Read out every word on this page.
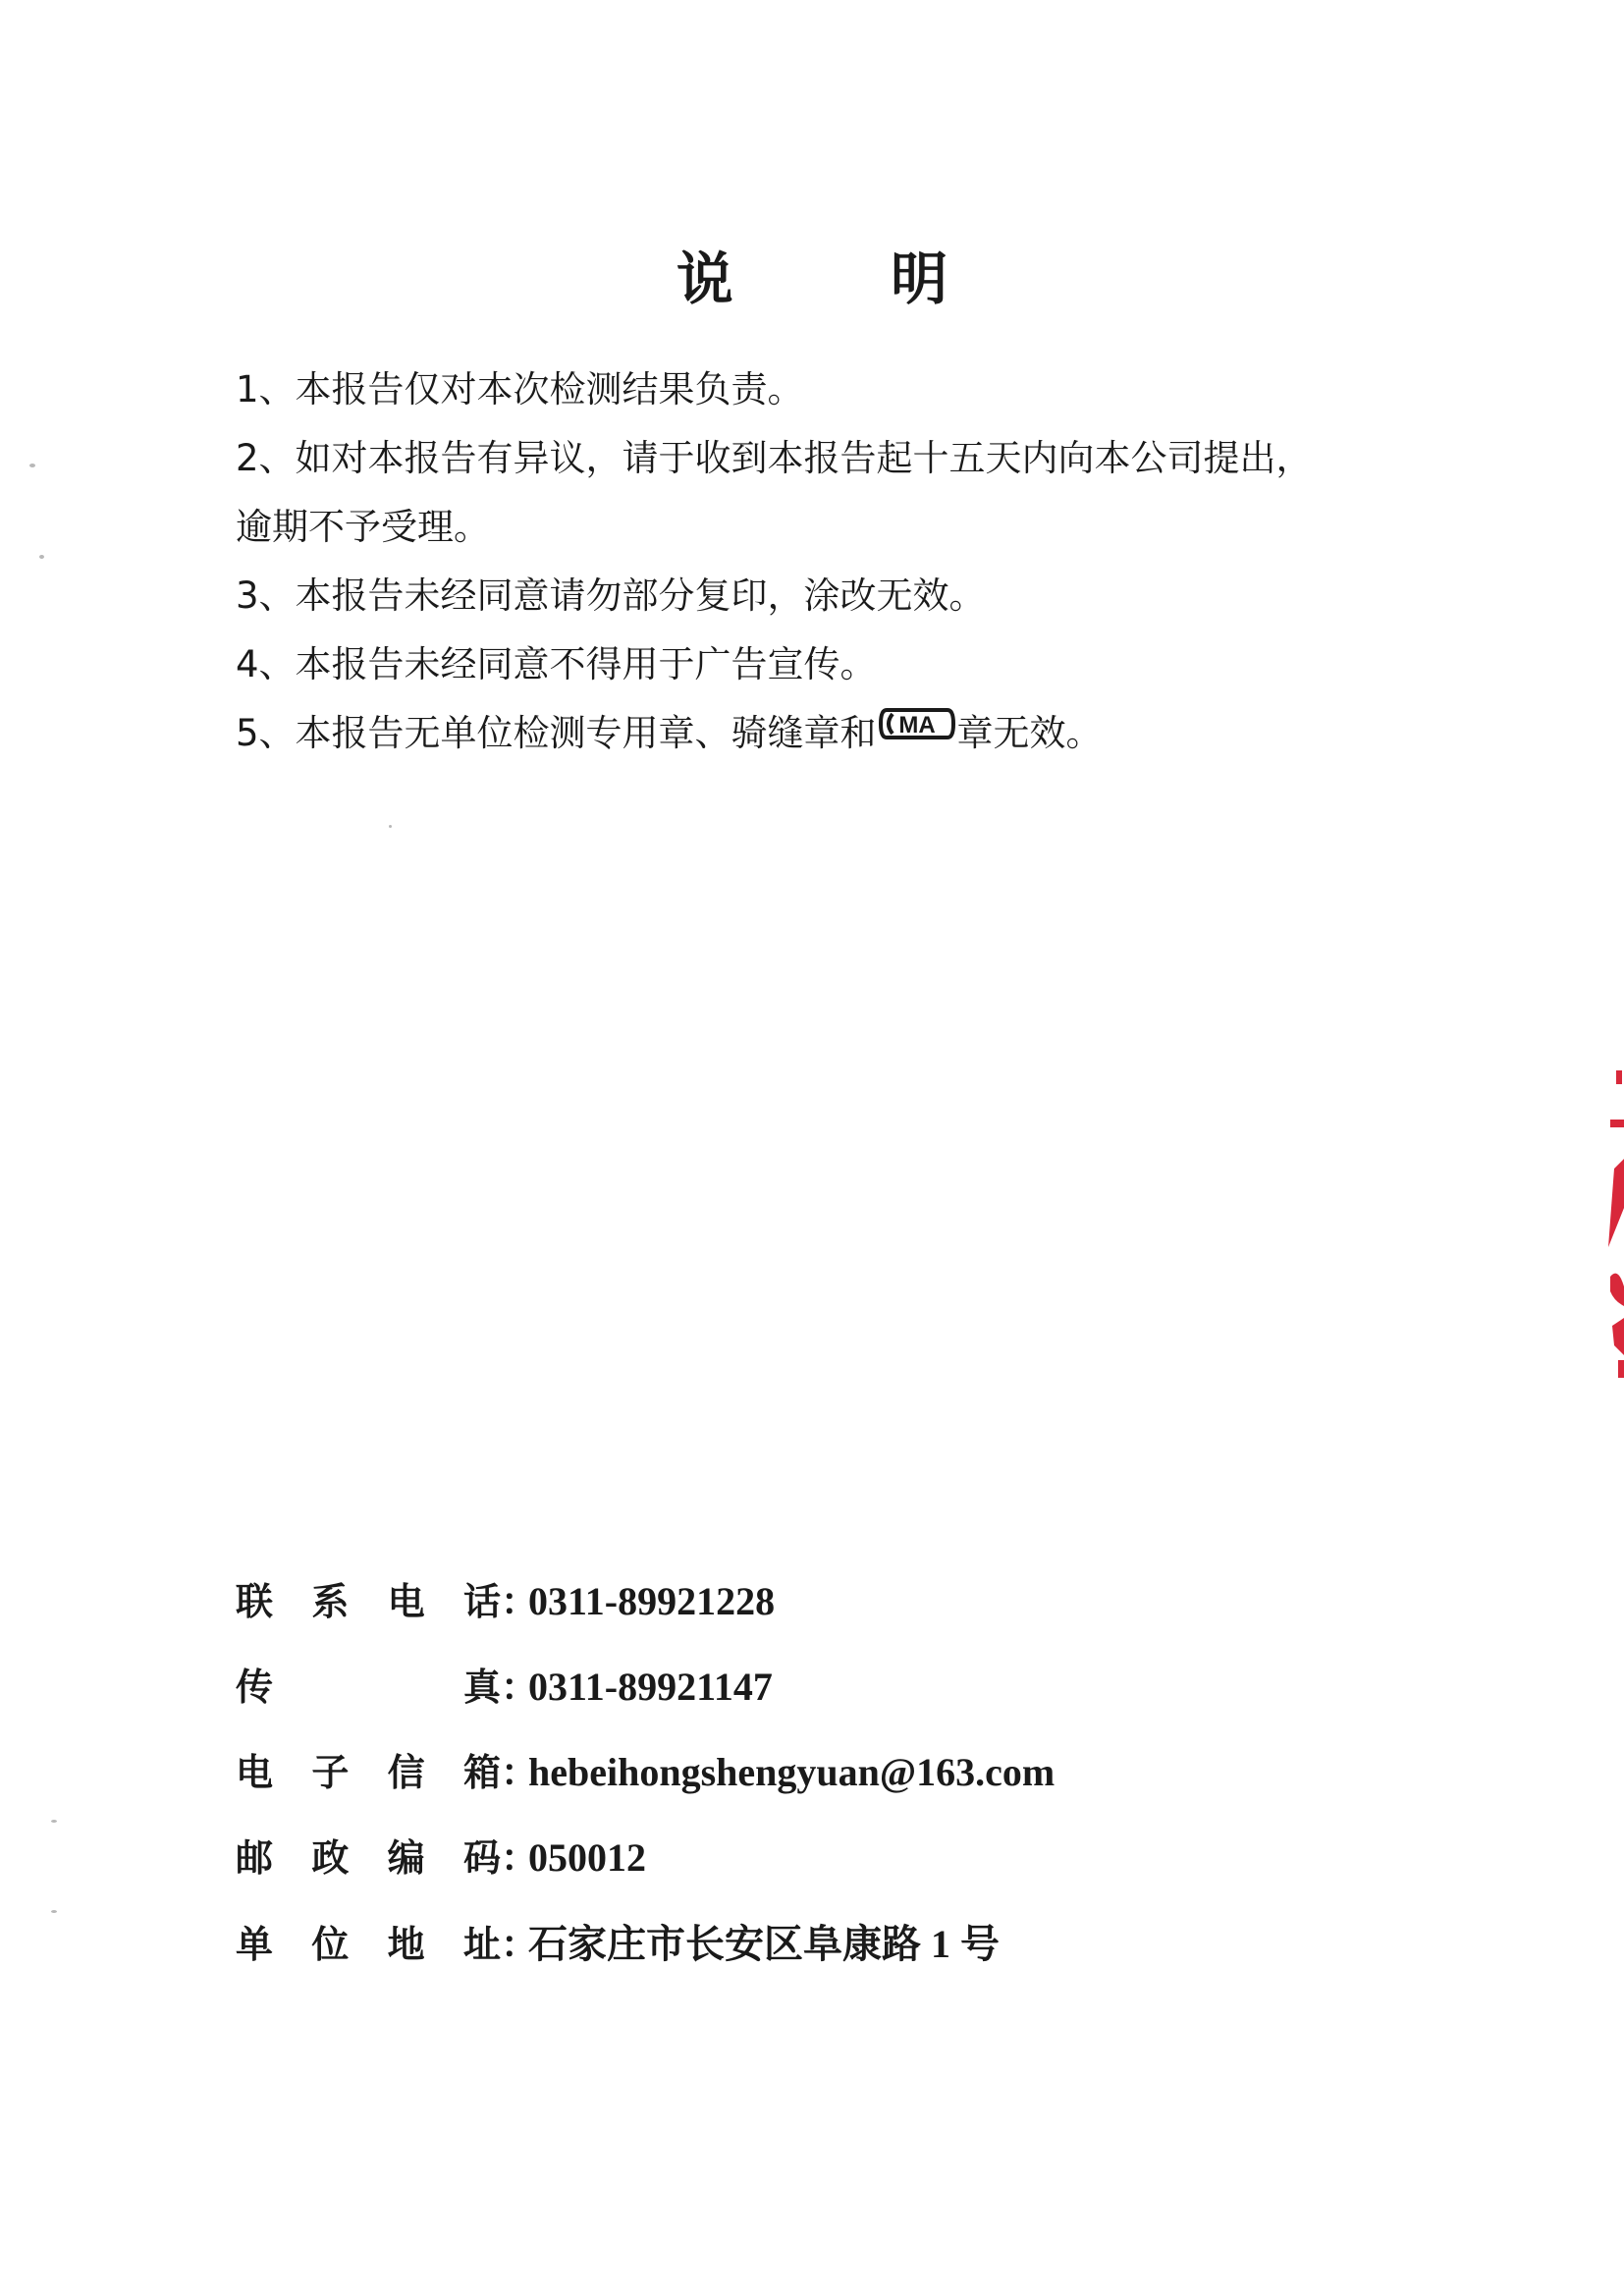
说 明

1、本报告仅对本次检测结果负责。

2、如对本报告有异议，请于收到本报告起十五天内向本公司提出，

逾期不予受理。

3、本报告未经同意请勿部分复印，涂改无效。

4、本报告未经同意不得用于广告宣传。

5、本报告无单位检测专用章、骑缝章和 MA 章无效。

联 系 电 话 ：
0311-89921228
传	真 ：
0311-89921147
电 子 信 箱 ：
hebeihongshengyuan@163.com
邮 政 编 码 ：
050012
单 位 地 址 ：
石家庄市长安区阜康路 1 号
